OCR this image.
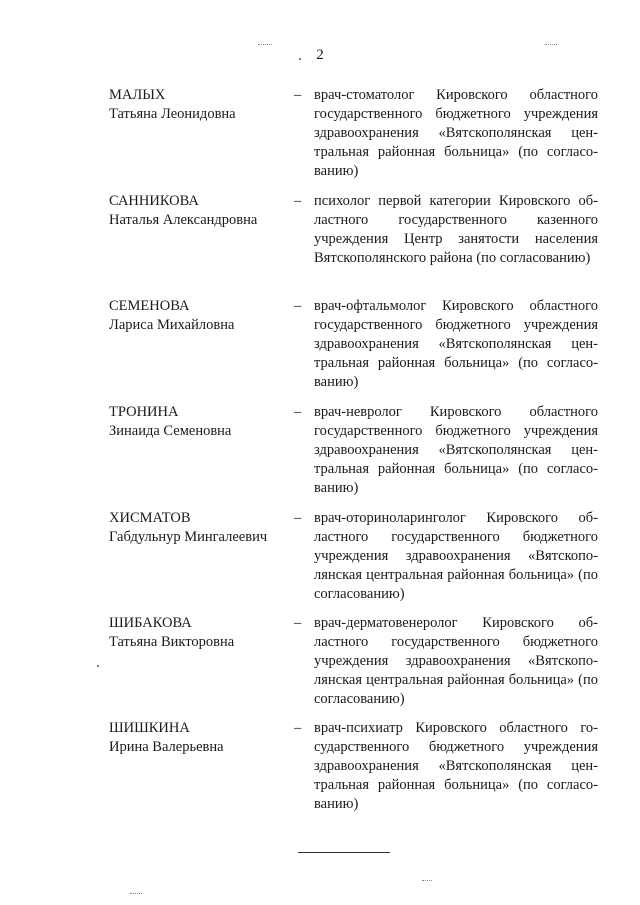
2
МАЛЫХ
Татьяна Леонидовна
– врач-стоматолог Кировского областного государственного бюджетного учреждения здравоохранения «Вятскополянская центральная районная больница» (по согласованию)

САННИКОВА
Наталья Александровна
– психолог первой категории Кировского областного государственного казенного учреждения Центр занятости населения Вятскополянского района (по согласованию)

СЕМЕНОВА
Лариса Михайловна
– врач-офтальмолог Кировского областного государственного бюджетного учреждения здравоохранения «Вятскополянская центральная районная больница» (по согласованию)

ТРОНИНА
Зинаида Семеновна
– врач-невролог Кировского областного государственного бюджетного учреждения здравоохранения «Вятскополянская центральная районная больница» (по согласованию)

ХИСМАТОВ
Габдульнур Мингалеевич
– врач-оториноларинголог Кировского областного государственного бюджетного учреждения здравоохранения «Вятскополянская центральная районная больница» (по согласованию)

ШИБАКОВА
Татьяна Викторовна
– врач-дерматовенеролог Кировского областного государственного бюджетного учреждения здравоохранения «Вятскополянская центральная районная больница» (по согласованию)

ШИШКИНА
Ирина Валерьевна
– врач-психиатр Кировского областного государственного бюджетного учреждения здравоохранения «Вятскополянская центральная районная больница» (по согласованию)
